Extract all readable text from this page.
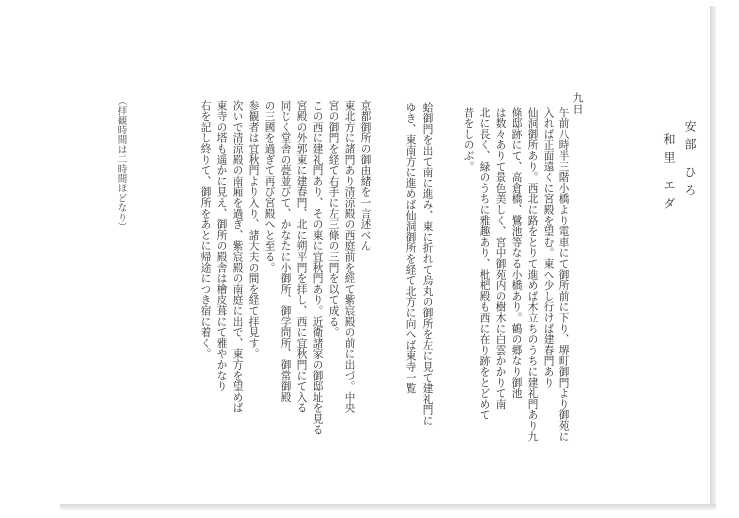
安部 ひろ
和里 エダ
九日
午前八時半三階小橋より電車にて御所前に下り、堺町御門より御苑に
入れば正面遠くに宮殿を望む。東へ少し行けば建春門あり
仙洞御所あり。西北に路をとりて進めば木立ちのうちに建礼門あり九
條邸跡にて、高倉橋、鷺池等なる小橋あり。鶴の郷なり御池
は数々ありて景色美しく、宮中御苑内の樹木に白雲かかりて南
北に長く、緑のうちに雅趣あり、枇杷殿も西に在り跡をとどめて
昔をしのぶ。
蛤御門を出て南に進み、東に折れて烏丸の御所を左に見て建礼門に
ゆき、東南方に進めば仙洞御所を経て北方に向へば東寺一覧
京都御所の御由緒を一言述べん
東北方に諸門あり清涼殿の西庭前を經て紫宸殿の前に出づ。中央
宮の御門を経て右手に左三條の三門を以て成る。
この西に建礼門あり、その東に宜秋門あり。近衛諸家の御邸址を見る
宮殿の外郭東に建春門、北に朔平門を拝し、西に宜秋門にて入る
同じく堂舎の甍並びて、かなたに小御所、御学問所、御常御殿
の三國を過ぎて再び宮殿へと至る。
参観者は宜秋門より入り、諸大夫の間を経て拝見す。
次いで清涼殿の南廂を過ぎ、紫宸殿の南庭に出で、東方を望めば
東寺の塔も遥かに見え、御所の殿舎は檜皮葺にて雅やかなり
右を記し終りて、御所をあとに帰途につき宿に着く。
（拝観時間は二時間ほどなり）
